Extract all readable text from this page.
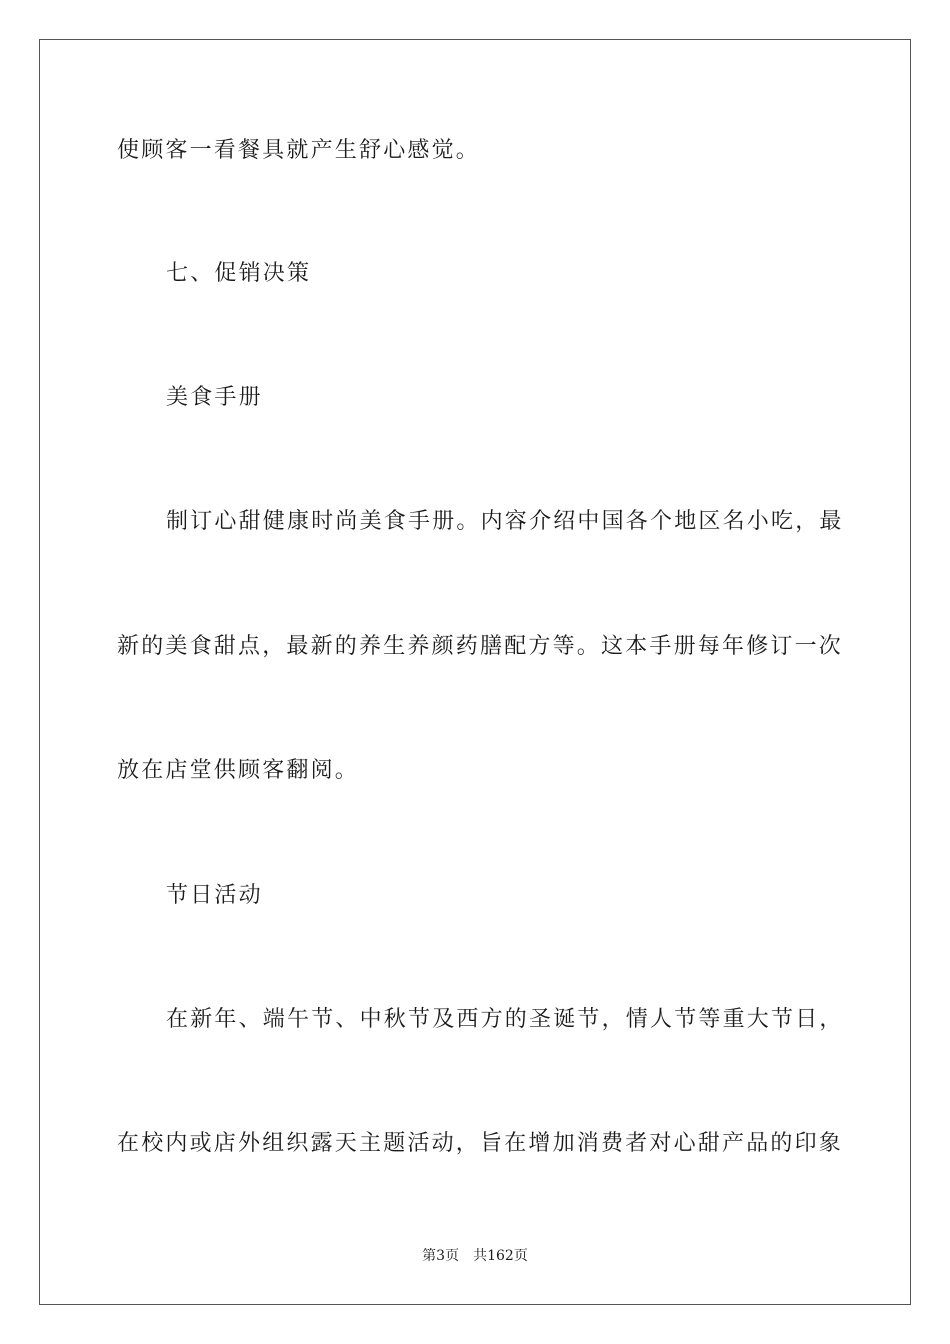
使顾客一看餐具就产生舒心感觉。
七、促销决策
美食手册
制订心甜健康时尚美食手册。内容介绍中国各个地区名小吃，最
新的美食甜点，最新的养生养颜药膳配方等。这本手册每年修订一次
放在店堂供顾客翻阅。
节日活动
在新年、端午节、中秋节及西方的圣诞节，情人节等重大节日，
在校内或店外组织露天主题活动，旨在增加消费者对心甜产品的印象
第3页 共162页
